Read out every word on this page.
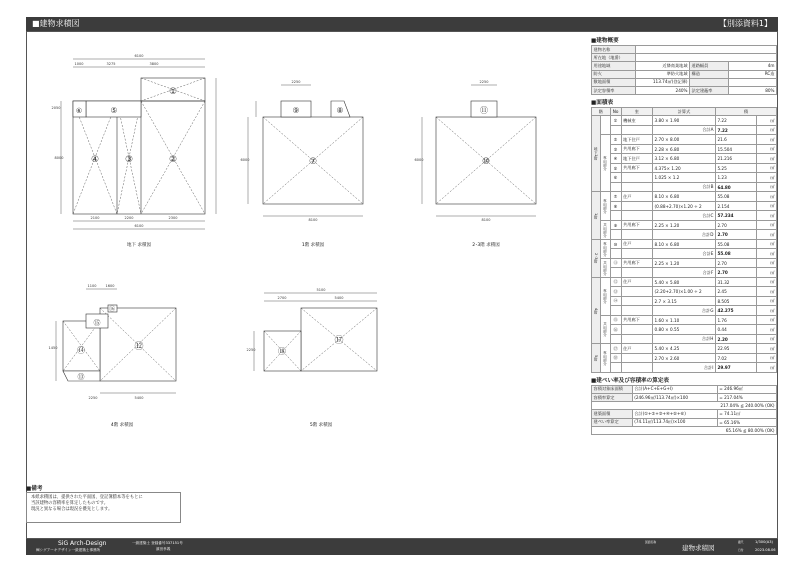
■建物求積図	【別添資料1】
6100
1000	3275	3800
8000
2050
2100	2200	2300
6100
①
②
③
④
⑤
⑥
地下 求積図
2250
8100
6000	⑦
⑧
⑨
1階 求積図
2250
8100
6000	⑩
⑪
2･3階 求積図
1100	1600
2250	5400
1450	⑫
⑬
⑭
⑮
⑯
4階 求積図
5100
2700	5400
2250
⑰
⑱
5階 求積図
■建物概要
建物名称			
所在地（地番）			
用途地域	近隣商業地域	道路幅員	4m
防火	準防火地域	構造	RC造
敷地面積	113.74㎡(登記簿)		
法定容積率	240%	法定建蔽率	80%
■面積表
階		No	室	計算式	積	
地下1階		①	機械室	3.80 × 1.90	7.22	㎡
				合計A	7.22	㎡
	専用部分	②	地下住戸	2.70 × 8.00	21.6	㎡
		③	共用廊下	2.28 × 6.80	15.504	㎡
		④	地下住戸	3.12 × 6.80	21.216	㎡
		⑤	共用廊下	4.375× 1.20	5.25	㎡
		⑥		1.025 × 1.2	1.23	㎡
				合計B	64.80	㎡
1階	専用部分	⑦	住戸	8.10 × 6.80	55.08	㎡
		⑧		(0.88+2.70)×1.20 ÷ 2	2.154	㎡
				合計C	57.234	㎡
	共用部分	⑨	共用廊下	2.25 × 1.20	2.70	㎡
				合計D	2.70	㎡
2･3階	専用部分	⑩	住戸	8.10 × 6.80	55.08	㎡
				合計E	55.08	㎡
	共用部分	⑪	共用廊下	2.25 × 1.20	2.70	㎡
				合計F	2.70	㎡
4階	専用部分	⑫	住戸	5.40 × 5.80	31.32	㎡
		⑬		(2.20+2.70)×1.00 ÷ 2	2.45	㎡
		⑭		2.7 × 3.15	8.505	㎡
				合計G	42.275	㎡
	共用部分	⑮	共用廊下	1.60 × 1.10	1.76	㎡
		⑯		0.80 × 0.55	0.44	㎡
				合計H	2.20	㎡
5階	専用部分	⑰	住戸	5.40 × 4.25	22.95	㎡
		⑱		2.70 × 2.60	7.02	㎡
				合計I	29.97	㎡
■建ぺい率及び容積率の算定表
容積対象床面積	合計(A+C+E+G+I)	= 246.96㎡
容積率算定	(246.96㎡/113.74㎡)×100	= 217.04%
217.04% ≦ 240.00% (OK)		
建築面積	合計(①+②+③+④+⑤+⑥)	= 74.11㎡
建ぺい率算定	(74.11㎡/113.74㎡)×100	= 65.16%
65.16% ≦ 80.00% (OK)		
■備考
本紙求積図は、提供された平面図、登記簿謄本等をもとに
当該建物の容積率を算定したものです。
現況と異なる場合は現況を優先とします。
SiG Arch-Design
㈱シグアーキデザイン一級建築士事務所
一級建築士 登録番号337151号
濱田孝義
図面名称
建物求積図
縮尺	1/300(A3)
日付	2023.08.06
